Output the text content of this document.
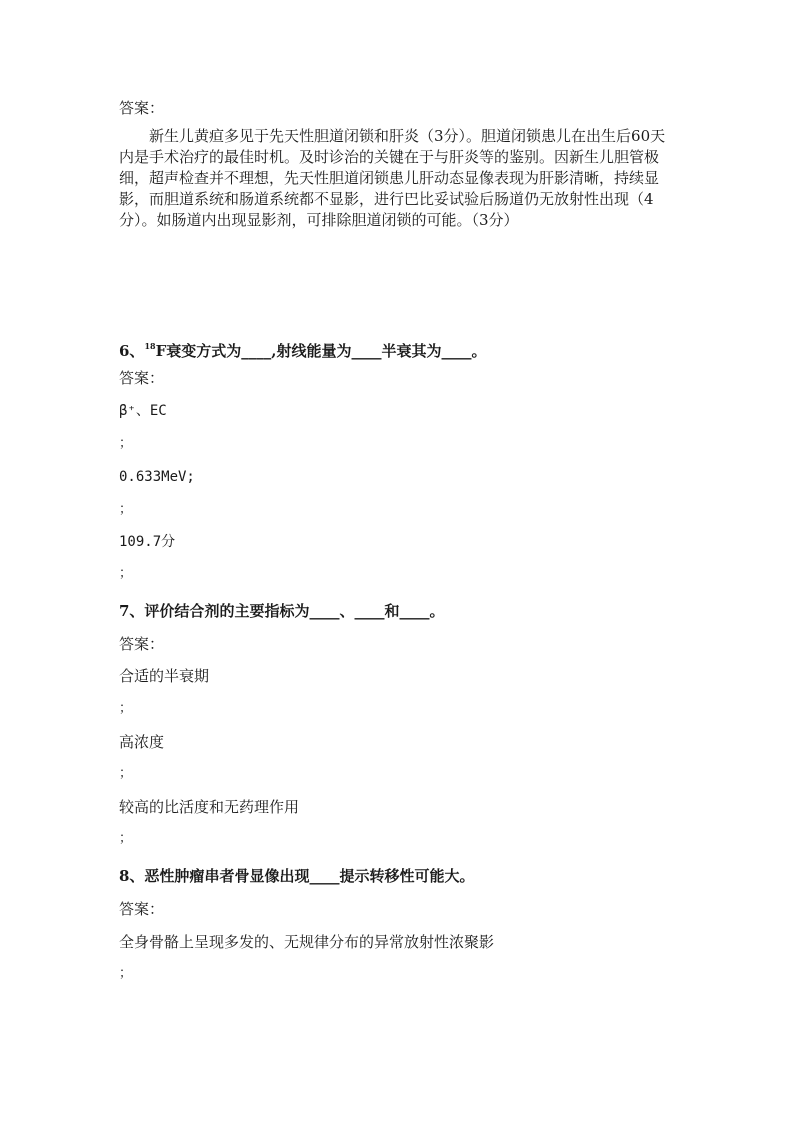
答案：
新生儿黄疸多见于先天性胆道闭锁和肝炎（3分）。胆道闭锁患儿在出生后60天内是手术治疗的最佳时机。及时诊治的关键在于与肝炎等的鉴别。因新生儿胆管极细，超声检查并不理想，先天性胆道闭锁患儿肝动态显像表现为肝影清晰，持续显影，而胆道系统和肠道系统都不显影，进行巴比妥试验后肠道仍无放射性出现（4分）。如肠道内出现显影剂，可排除胆道闭锁的可能。（3分）
6、$^{18}$F衰变方式为____,射线能量为____半衰其为____。
答案：
β⁺、EC
；
0.633MeV;
；
109.7分
；
7、评价结合剂的主要指标为____、____和____。
答案：
合适的半衰期
；
高浓度
；
较高的比活度和无药理作用
；
8、恶性肿瘤串者骨显像出现____提示转移性可能大。
答案：
全身骨骼上呈现多发的、无规律分布的异常放射性浓聚影
；
